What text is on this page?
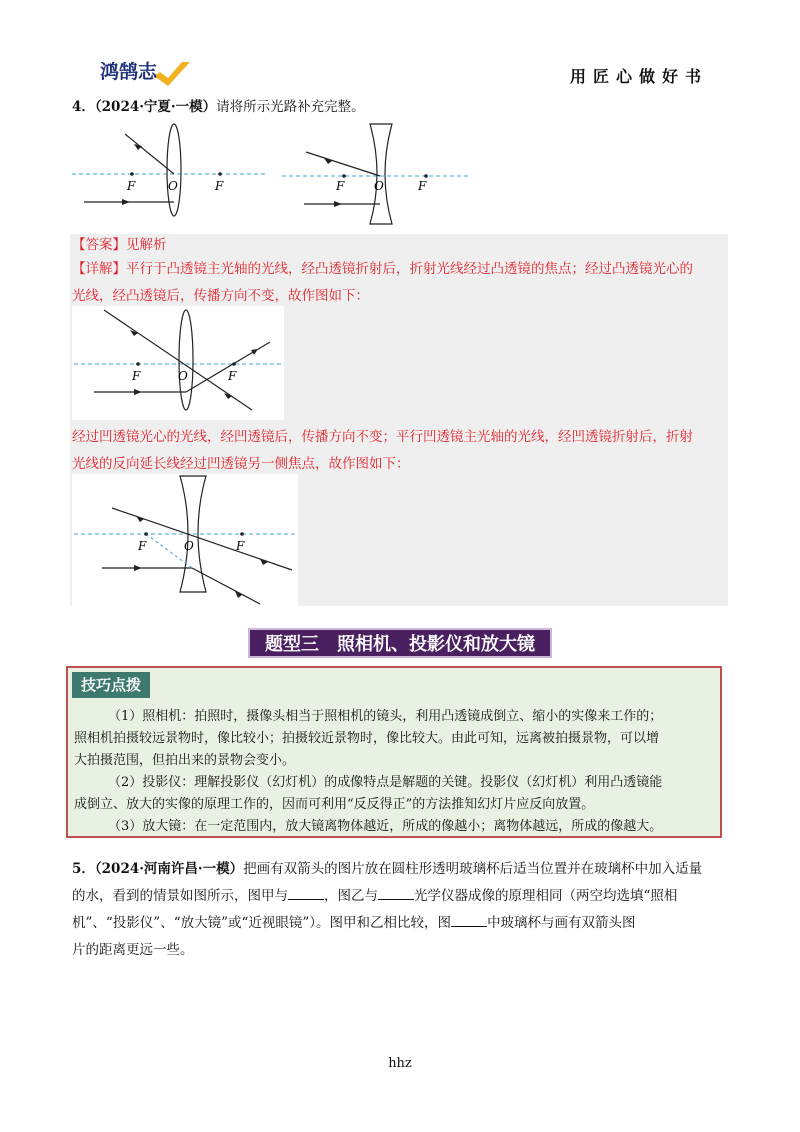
鸿鹄志	用匠心做好书
4．（2024·宁夏·一模）请将所示光路补充完整。
F	O	F	F O	F
【答案】见解析
【详解】平行于凸透镜主光轴的光线，经凸透镜折射后，折射光线经过凸透镜的焦点；经过凸透镜光心的
光线，经凸透镜后，传播方向不变，故作图如下：
F	O	F
经过凹透镜光心的光线，经凹透镜后，传播方向不变；平行凹透镜主光轴的光线，经凹透镜折射后，折射
光线的反向延长线经过凹透镜另一侧焦点，故作图如下：
F	O	F
题型三　照相机、投影仪和放大镜
技巧点拨
（1）照相机：拍照时，摄像头相当于照相机的镜头，利用凸透镜成倒立、缩小的实像来工作的；
照相机拍摄较远景物时，像比较小；拍摄较近景物时，像比较大。由此可知，远离被拍摄景物，可以增
大拍摄范围，但拍出来的景物会变小。
（2）投影仪：理解投影仪（幻灯机）的成像特点是解题的关键。投影仪（幻灯机）利用凸透镜能
成倒立、放大的实像的原理工作的，因而可利用“反反得正”的方法推知幻灯片应反向放置。
（3）放大镜：在一定范围内，放大镜离物体越近，所成的像越小；离物体越远，所成的像越大。
5．（2024·河南许昌·一模）把画有双箭头的图片放在圆柱形透明玻璃杯后适当位置并在玻璃杯中加入适量
的水，看到的情景如图所示，图甲与	，图乙与	光学仪器成像的原理相同（两空均选填“照相
机”、“投影仪”、“放大镜”或“近视眼镜”）。图甲和乙相比较，图	中玻璃杯与画有双箭头图
片的距离更远一些。
hhz
